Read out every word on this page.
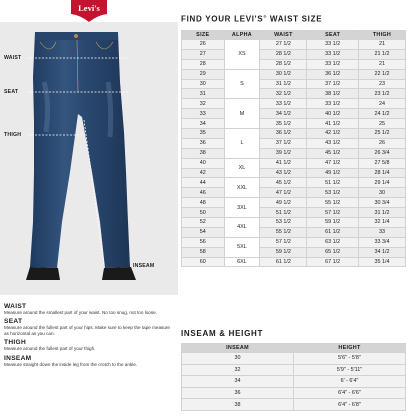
Levi's
WAIST
SEAT
THIGH
INSEAM
WAIST
Measure around the smallest part of your waist. No too snug, not too loose.
SEAT
Measure around the fullest part of your hips. Make sure to keep the tape measure as horizontal as you can.
THIGH
Measure around the fullest part of your thigh.
INSEAM
Measure straight down the inside leg from the crotch to the ankle.
FIND YOUR LEVI'S® WAIST SIZE
SIZE	ALPHA	WAIST	SEAT	THIGH
26	XS	27 1/2	33 1/2	21
27		28 1/2	33 1/2	21 1/2
28		28 1/2	33 1/2	21
29	S	30 1/2	36 1/2	22 1/2
30		31 1/2	37 1/2	23
31		32 1/2	38 1/2	23 1/2
32	M	33 1/2	33 1/2	24
33		34 1/2	40 1/2	24 1/2
34		35 1/2	41 1/2	25
35	L	36 1/2	42 1/2	25 1/2
36		37 1/2	43 1/2	26
38		39 1/2	45 1/2	26 3/4
40	XL	41 1/2	47 1/2	27 5/8
42		43 1/2	49 1/2	28 1/4
44	XXL	45 1/2	51 1/2	29 1/4
46		47 1/2	53 1/2	30
48	3XL	49 1/2	55 1/2	30 3/4
50		51 1/2	57 1/2	31 1/2
52	4XL	53 1/2	59 1/2	32 1/4
54		55 1/2	61 1/2	33
56	5XL	57 1/2	63 1/2	33 3/4
58		59 1/2	65 1/2	34 1/2
60	6XL	61 1/2	67 1/2	35 1/4
INSEAM & HEIGHT
INSEAM	HEIGHT
30	5'6" - 5'8"
32	5'9" - 5'11"
34	6' - 6'4"
36	6'4" - 6'6"
38	6'4" - 6'8"
